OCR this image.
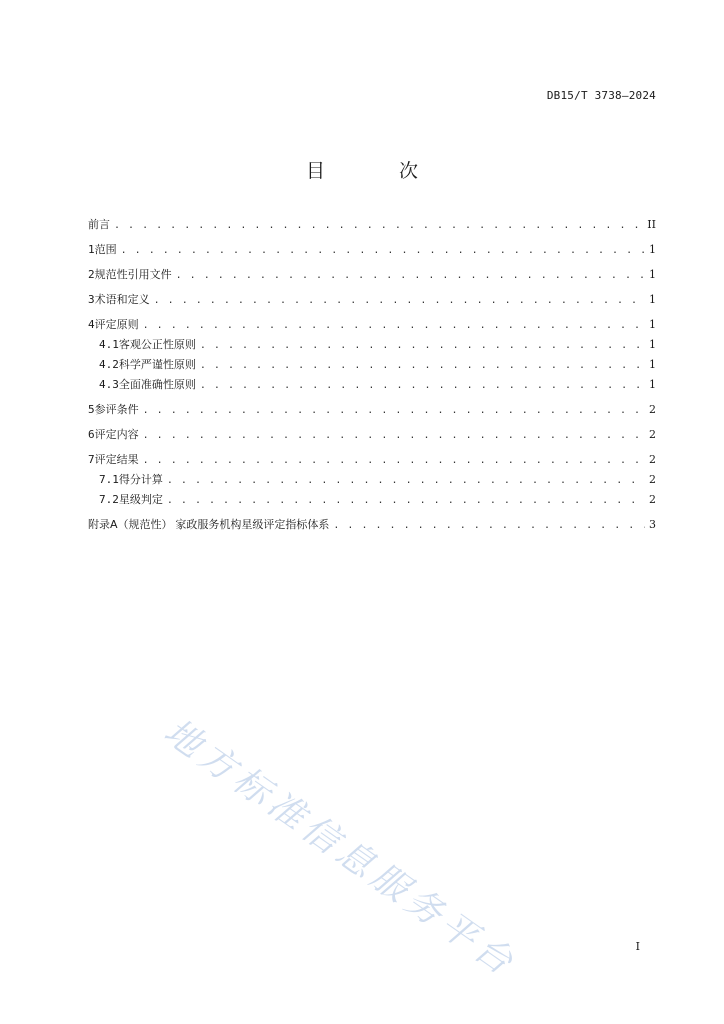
DB15/T 3738—2024
目 次
前言 . . .	II
1 范围 . . .	1
2 规范性引用文件 . . .	1
3 术语和定义 . . .	1
4 评定原则 . . .	1
4.1 客观公正性原则 . . .	1
4.2 科学严谨性原则 . . .	1
4.3 全面准确性原则 . . .	1
5 参评条件 . . .	2
6 评定内容 . . .	2
7 评定结果 . . .	2
7.1 得分计算 . . .	2
7.2 星级判定 . . .	2
附录A（规范性） 家政服务机构星级评定指标体系 . . .	3
地方标准信息服务平台	I
